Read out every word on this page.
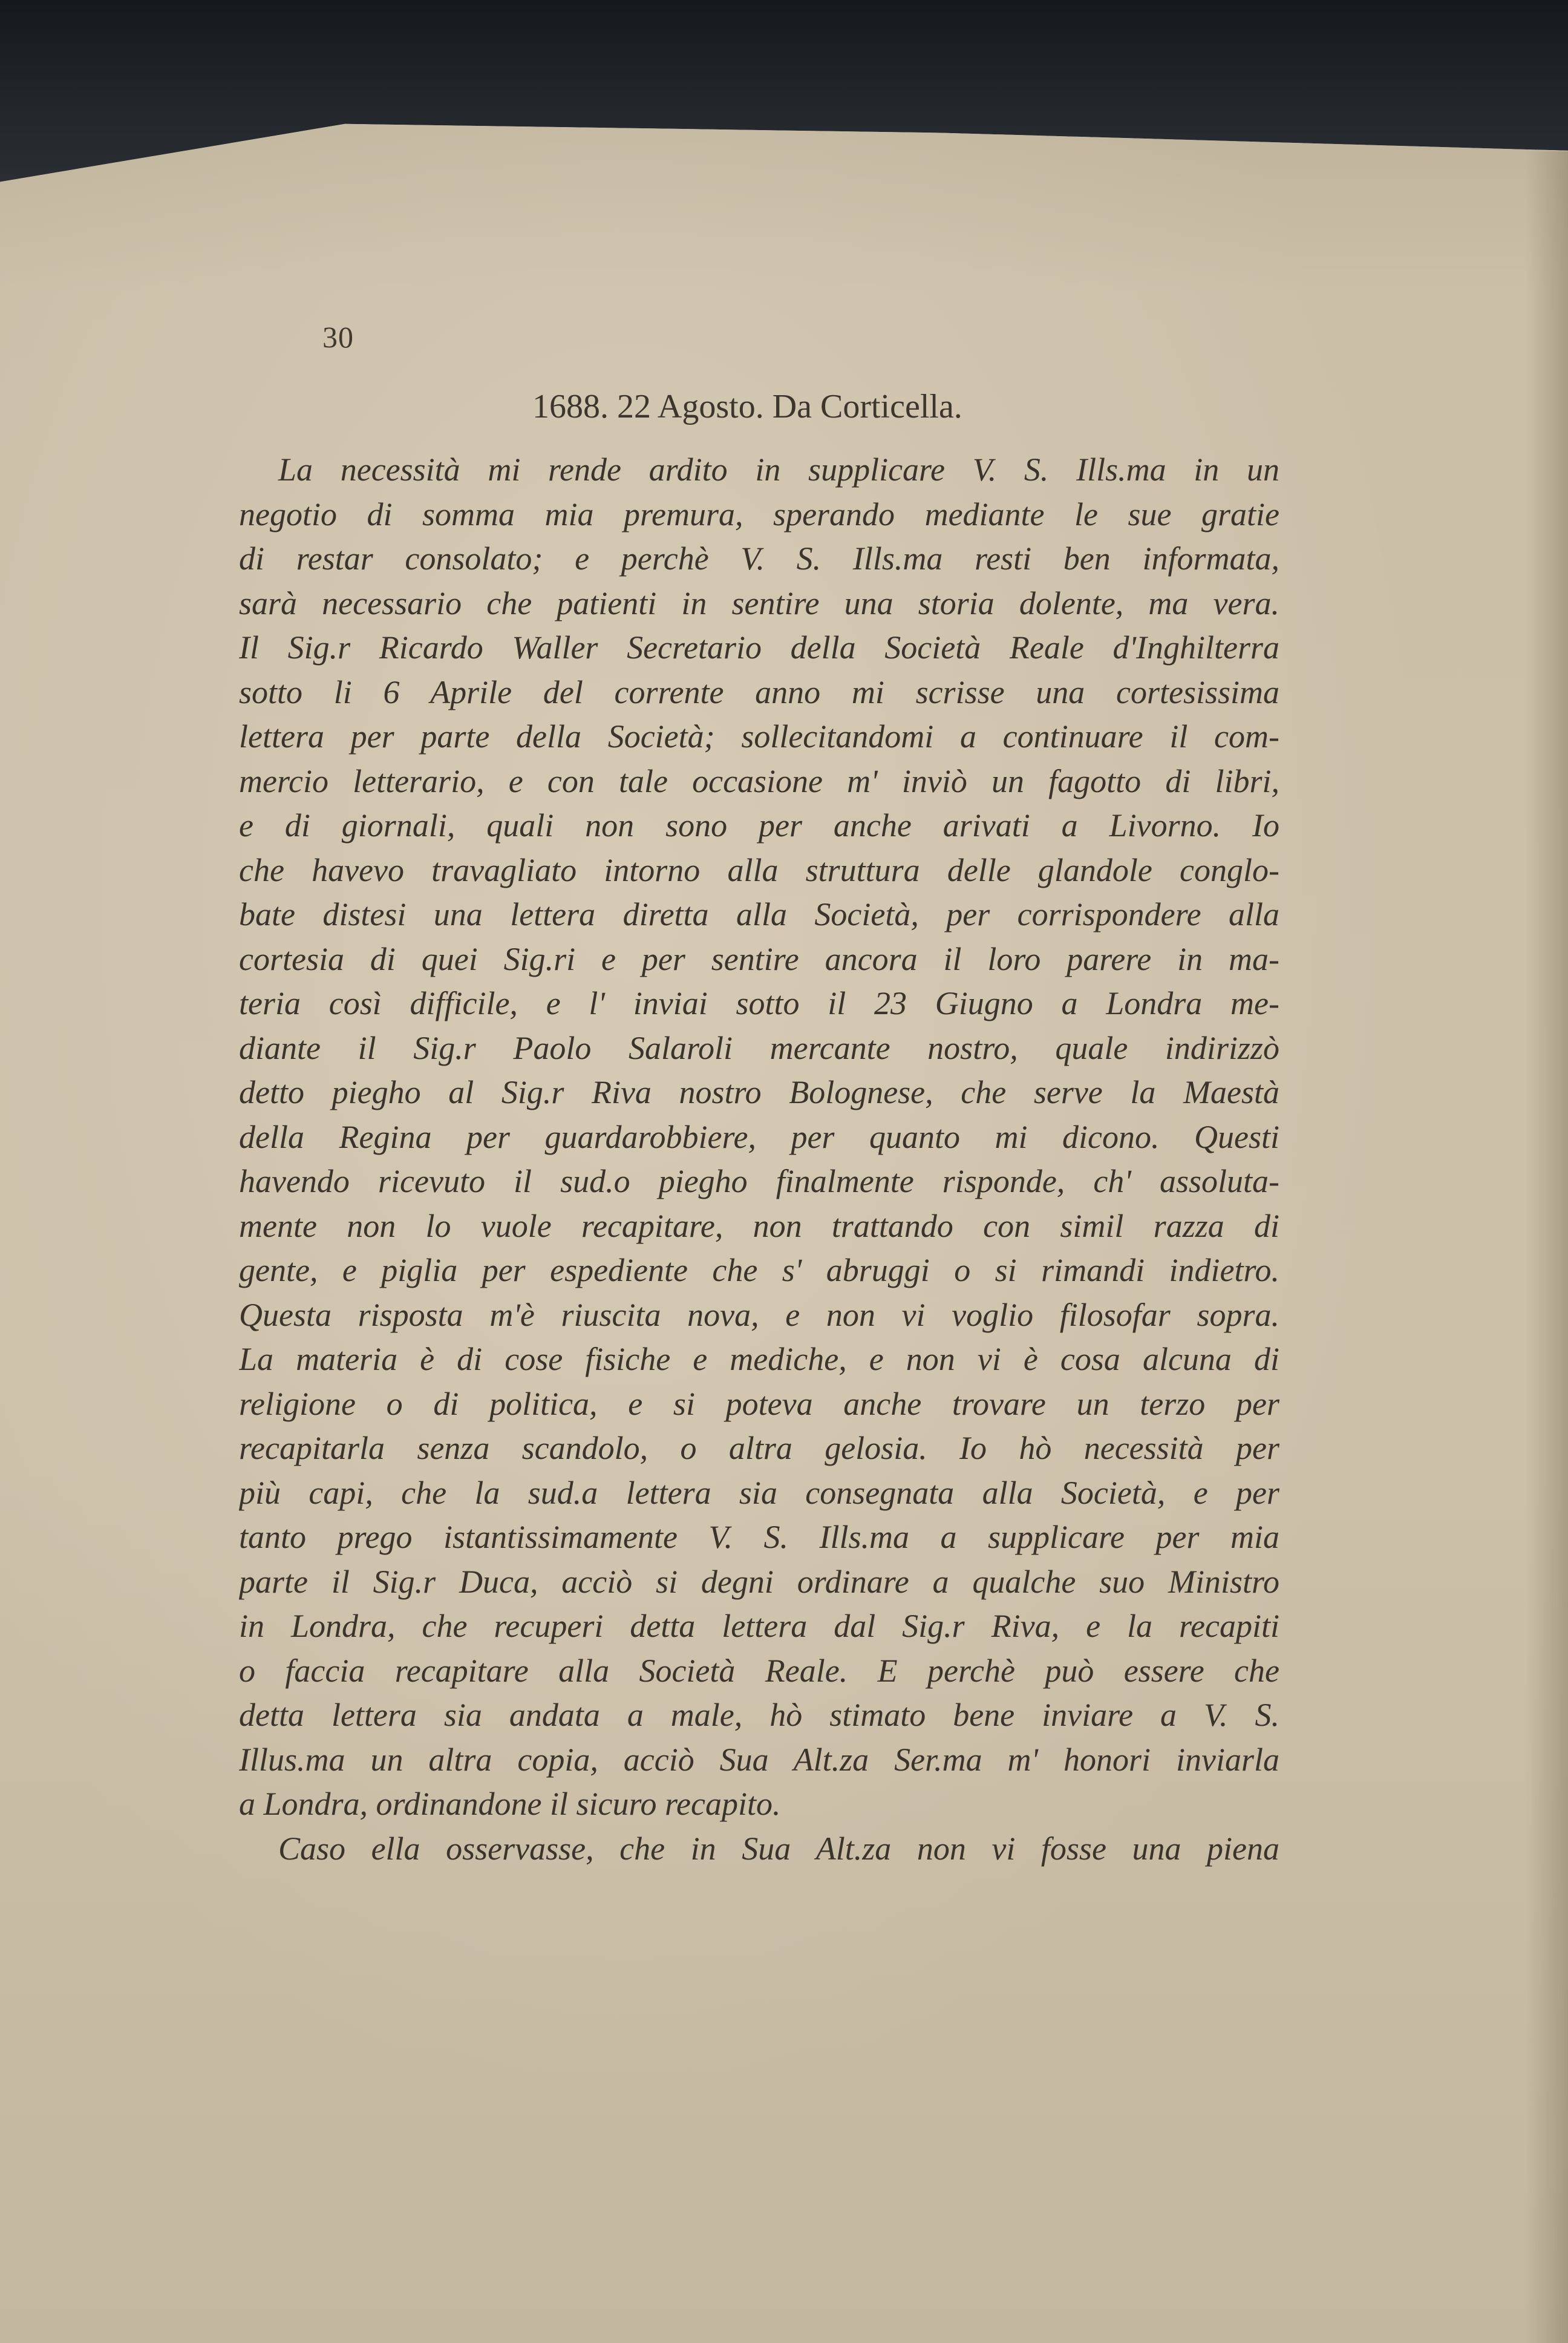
30
1688. 22 Agosto. Da Corticella.
La necessità mi rende ardito in supplicare V. S. Ills.ma in un
negotio di somma mia premura, sperando mediante le sue gratie
di restar consolato; e perchè V. S. Ills.ma resti ben informata,
sarà necessario che patienti in sentire una storia dolente, ma vera.
Il Sig.r Ricardo Waller Secretario della Società Reale d'Inghilterra
sotto li 6 Aprile del corrente anno mi scrisse una cortesissima
lettera per parte della Società; sollecitandomi a continuare il com-
mercio letterario, e con tale occasione m' inviò un fagotto di libri,
e di giornali, quali non sono per anche arivati a Livorno. Io
che havevo travagliato intorno alla struttura delle glandole conglo-
bate distesi una lettera diretta alla Società, per corrispondere alla
cortesia di quei Sig.ri e per sentire ancora il loro parere in ma-
teria così difficile, e l' inviai sotto il 23 Giugno a Londra me-
diante il Sig.r Paolo Salaroli mercante nostro, quale indirizzò
detto piegho al Sig.r Riva nostro Bolognese, che serve la Maestà
della Regina per guardarobbiere, per quanto mi dicono. Questi
havendo ricevuto il sud.o piegho finalmente risponde, ch' assoluta-
mente non lo vuole recapitare, non trattando con simil razza di
gente, e piglia per espediente che s' abruggi o si rimandi indietro.
Questa risposta m'è riuscita nova, e non vi voglio filosofar sopra.
La materia è di cose fisiche e mediche, e non vi è cosa alcuna di
religione o di politica, e si poteva anche trovare un terzo per
recapitarla senza scandolo, o altra gelosia. Io hò necessità per
più capi, che la sud.a lettera sia consegnata alla Società, e per
tanto prego istantissimamente V. S. Ills.ma a supplicare per mia
parte il Sig.r Duca, acciò si degni ordinare a qualche suo Ministro
in Londra, che recuperi detta lettera dal Sig.r Riva, e la recapiti
o faccia recapitare alla Società Reale. E perchè può essere che
detta lettera sia andata a male, hò stimato bene inviare a V. S.
Illus.ma un altra copia, acciò Sua Alt.za Ser.ma m' honori inviarla
a Londra, ordinandone il sicuro recapito.
Caso ella osservasse, che in Sua Alt.za non vi fosse una piena
